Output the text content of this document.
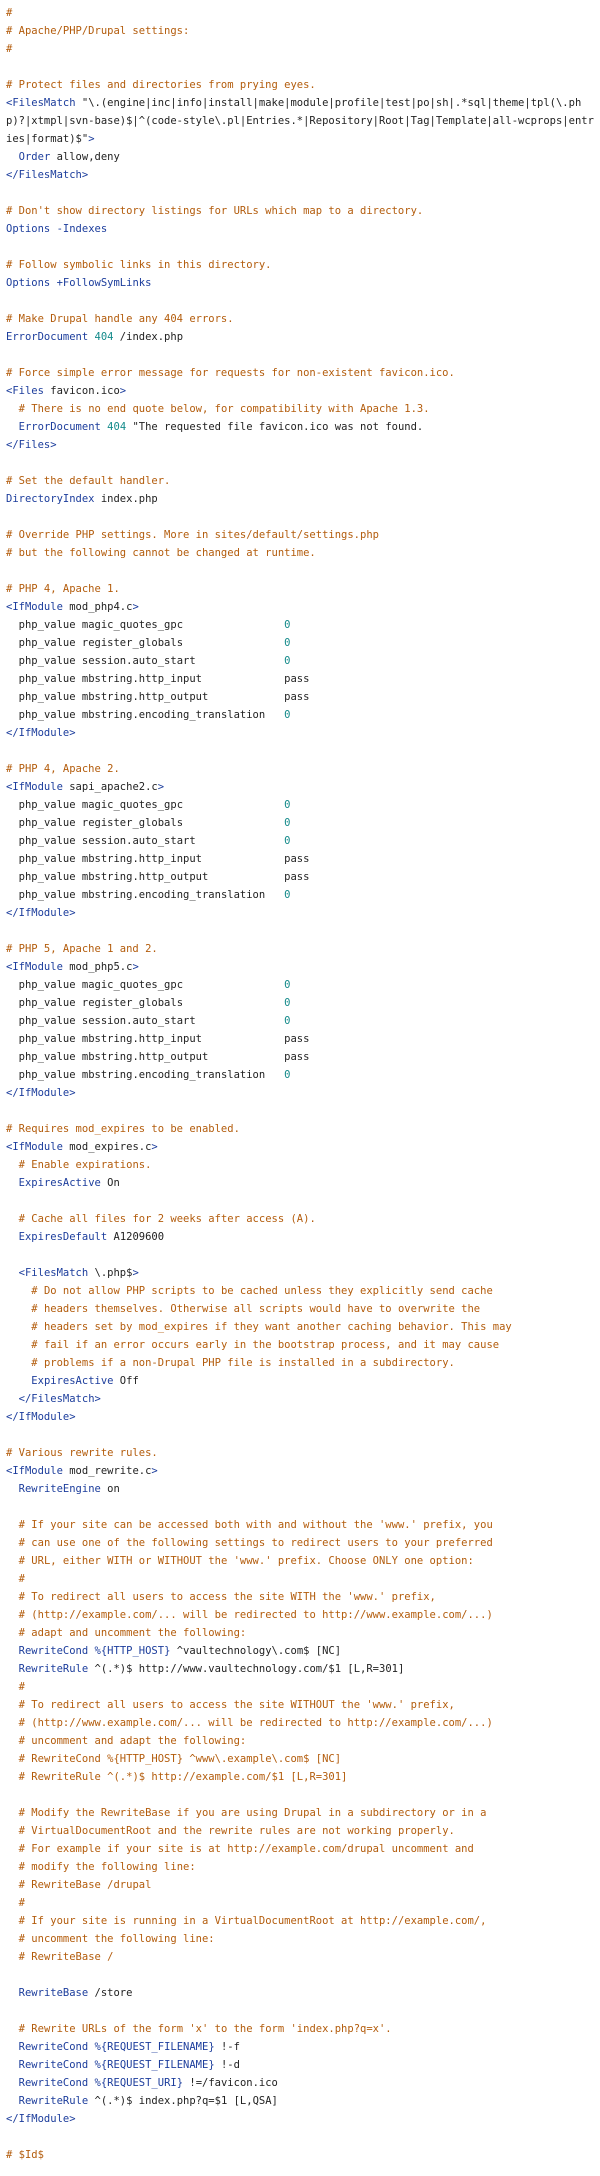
#
# Apache/PHP/Drupal settings:
#
# Protect files and directories from prying eyes.
<FilesMatch "\.(engine|inc|info|install|make|module|profile|test|po|sh|.*sql|theme|tpl(\.php)?|xtmpl|svn-base)$|^(code-style\.pl|Entries.*|Repository|Root|Tag|Template|all-wcprops|entries|format)$">
Order allow,deny
</FilesMatch>
# Don't show directory listings for URLs which map to a directory.
Options -Indexes
# Follow symbolic links in this directory.
Options +FollowSymLinks
# Make Drupal handle any 404 errors.
ErrorDocument 404 /index.php
# Force simple error message for requests for non-existent favicon.ico.
<Files favicon.ico>
# There is no end quote below, for compatibility with Apache 1.3.
ErrorDocument 404 "The requested file favicon.ico was not found.
</Files>
# Set the default handler.
DirectoryIndex index.php
# Override PHP settings. More in sites/default/settings.php
# but the following cannot be changed at runtime.
# PHP 4, Apache 1.
<IfModule mod_php4.c>
php_value magic_quotes_gpc                0
php_value register_globals                0
php_value session.auto_start              0
php_value mbstring.http_input             pass
php_value mbstring.http_output            pass
php_value mbstring.encoding_translation   0
</IfModule>
# PHP 4, Apache 2.
<IfModule sapi_apache2.c>
php_value magic_quotes_gpc                0
php_value register_globals                0
php_value session.auto_start              0
php_value mbstring.http_input             pass
php_value mbstring.http_output            pass
php_value mbstring.encoding_translation   0
</IfModule>
# PHP 5, Apache 1 and 2.
<IfModule mod_php5.c>
php_value magic_quotes_gpc                0
php_value register_globals                0
php_value session.auto_start              0
php_value mbstring.http_input             pass
php_value mbstring.http_output            pass
php_value mbstring.encoding_translation   0
</IfModule>
# Requires mod_expires to be enabled.
<IfModule mod_expires.c>
# Enable expirations.
ExpiresActive On
# Cache all files for 2 weeks after access (A).
ExpiresDefault A1209600
<FilesMatch \.php$>
# Do not allow PHP scripts to be cached unless they explicitly send cache
# headers themselves. Otherwise all scripts would have to overwrite the
# headers set by mod_expires if they want another caching behavior. This may
# fail if an error occurs early in the bootstrap process, and it may cause
# problems if a non-Drupal PHP file is installed in a subdirectory.
ExpiresActive Off
</FilesMatch>
</IfModule>
# Various rewrite rules.
<IfModule mod_rewrite.c>
RewriteEngine on
# If your site can be accessed both with and without the 'www.' prefix, you
# can use one of the following settings to redirect users to your preferred
# URL, either WITH or WITHOUT the 'www.' prefix. Choose ONLY one option:
#
# To redirect all users to access the site WITH the 'www.' prefix,
# (http://example.com/... will be redirected to http://www.example.com/...)
# adapt and uncomment the following:
RewriteCond %{HTTP_HOST} ^vaultechnology\.com$ [NC]
RewriteRule ^(.*)$ http://www.vaultechnology.com/$1 [L,R=301]
#
# To redirect all users to access the site WITHOUT the 'www.' prefix,
# (http://www.example.com/... will be redirected to http://example.com/...)
# uncomment and adapt the following:
# RewriteCond %{HTTP_HOST} ^www\.example\.com$ [NC]
# RewriteRule ^(.*)$ http://example.com/$1 [L,R=301]
# Modify the RewriteBase if you are using Drupal in a subdirectory or in a
# VirtualDocumentRoot and the rewrite rules are not working properly.
# For example if your site is at http://example.com/drupal uncomment and
# modify the following line:
# RewriteBase /drupal
#
# If your site is running in a VirtualDocumentRoot at http://example.com/,
# uncomment the following line:
# RewriteBase /
RewriteBase /store
# Rewrite URLs of the form 'x' to the form 'index.php?q=x'.
RewriteCond %{REQUEST_FILENAME} !-f
RewriteCond %{REQUEST_FILENAME} !-d
RewriteCond %{REQUEST_URI} !=/favicon.ico
RewriteRule ^(.*)$ index.php?q=$1 [L,QSA]
</IfModule>
# $Id$
